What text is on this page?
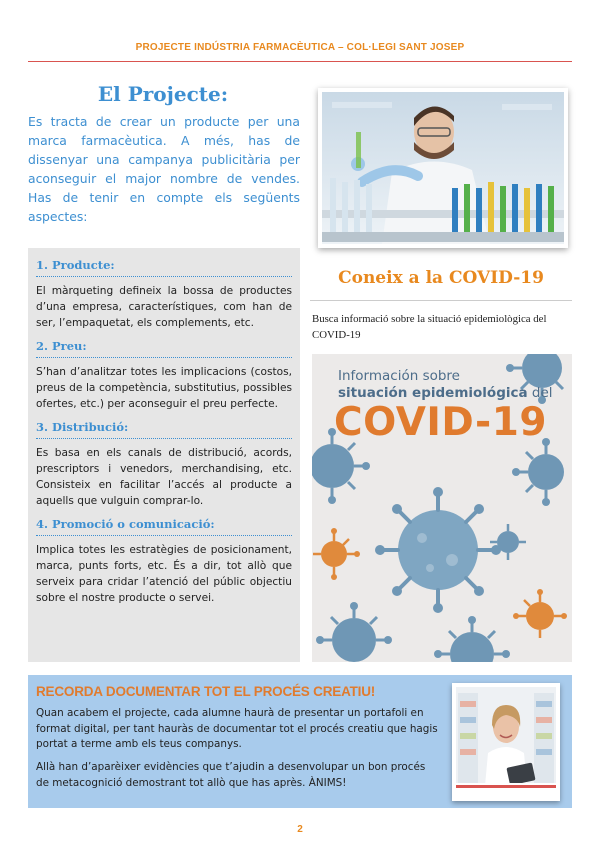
PROJECTE INDÚSTRIA FARMACÈUTICA – COL·LEGI SANT JOSEP
El Projecte:
Es tracta de crear un producte per una marca farmacèutica. A més, has de dissenyar una campanya publicitària per aconseguir el major nombre de vendes. Has de tenir en compte els següents aspectes:
1. Producte:
El màrqueting defineix la bossa de productes d’una empresa, característiques, com han de ser, l’empaquetat, els complements, etc.
2. Preu:
S’han d’analitzar totes les implicacions (costos, preus de la competència, substitutius, possibles ofertes, etc.) per aconseguir el preu perfecte.
3. Distribució:
Es basa en els canals de distribució, acords, prescriptors i venedors, merchandising, etc. Consisteix en facilitar l’accés al producte a aquells que vulguin comprar-lo.
4. Promoció o comunicació:
Implica totes les estratègies de posicionament, marca, punts forts, etc. És a dir, tot allò que serveix para cridar l’atenció del públic objectiu sobre el nostre producte o servei.
Coneix a la COVID-19
Busca informació sobre la situació epidemiològica del COVID-19
Información sobre
situación epidemiológica del
COVID-19
RECORDA DOCUMENTAR TOT EL PROCÉS CREATIU!
Quan acabem el projecte, cada alumne haurà de presentar un portafoli en format digital, per tant hauràs de documentar tot el procés creatiu que hagis portat a terme amb els teus companys.
Allà han d’aparèixer evidències que t’ajudin a desenvolupar un bon procés de metacognició demostrant tot allò que has après. ÀNIMS!
2
